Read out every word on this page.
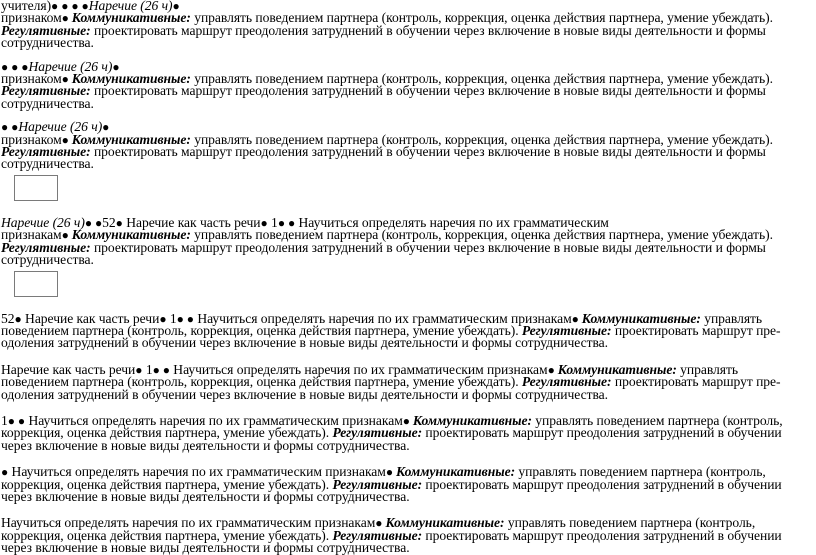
учителя)● ● ● ●Наречие (26 ч)●
признаком● Коммуникативные: управлять поведением партнера (контроль, коррекция, оценка действия партнера, умение убеждать).
Регулятивные: проектировать маршрут преодоления затруднений в обучении через включение в новые виды деятельности и формы
сотрудничества.
● ● ●Наречие (26 ч)●
признаком● Коммуникативные: управлять поведением партнера (контроль, коррекция, оценка действия партнера, умение убеждать).
Регулятивные: проектировать маршрут преодоления затруднений в обучении через включение в новые виды деятельности и формы
сотрудничества.
● ●Наречие (26 ч)●
признаком● Коммуникативные: управлять поведением партнера (контроль, коррекция, оценка действия партнера, умение убеждать).
Регулятивные: проектировать маршрут преодоления затруднений в обучении через включение в новые виды деятельности и формы
сотрудничества.
Наречие (26 ч)● ●52● Наречие как часть речи● 1● ● Научиться определять наречия по их грамматическим
признакам● Коммуникативные: управлять поведением партнера (контроль, коррекция, оценка действия партнера, умение убеждать).
Регулятивные: проектировать маршрут преодоления затруднений в обучении через включение в новые виды деятельности и формы
сотрудничества.
52● Наречие как часть речи● 1● ● Научиться определять наречия по их грамматическим признакам● Коммуникативные: управлять
поведением партнера (контроль, коррекция, оценка действия партнера, умение убеждать). Регулятивные: проектировать маршрут пре-
одоления затруднений в обучении через включение в новые виды деятельности и формы сотрудничества.
Наречие как часть речи● 1● ● Научиться определять наречия по их грамматическим признакам● Коммуникативные: управлять
поведением партнера (контроль, коррекция, оценка действия партнера, умение убеждать). Регулятивные: проектировать маршрут пре-
одоления затруднений в обучении через включение в новые виды деятельности и формы сотрудничества.
1● ● Научиться определять наречия по их грамматическим признакам● Коммуникативные: управлять поведением партнера (контроль,
коррекция, оценка действия партнера, умение убеждать). Регулятивные: проектировать маршрут преодоления затруднений в обучении
через включение в новые виды деятельности и формы сотрудничества.
● Научиться определять наречия по их грамматическим признакам● Коммуникативные: управлять поведением партнера (контроль,
коррекция, оценка действия партнера, умение убеждать). Регулятивные: проектировать маршрут преодоления затруднений в обучении
через включение в новые виды деятельности и формы сотрудничества.
Научиться определять наречия по их грамматическим признакам● Коммуникативные: управлять поведением партнера (контроль,
коррекция, оценка действия партнера, умение убеждать). Регулятивные: проектировать маршрут преодоления затруднений в обучении
через включение в новые виды деятельности и формы сотрудничества.
